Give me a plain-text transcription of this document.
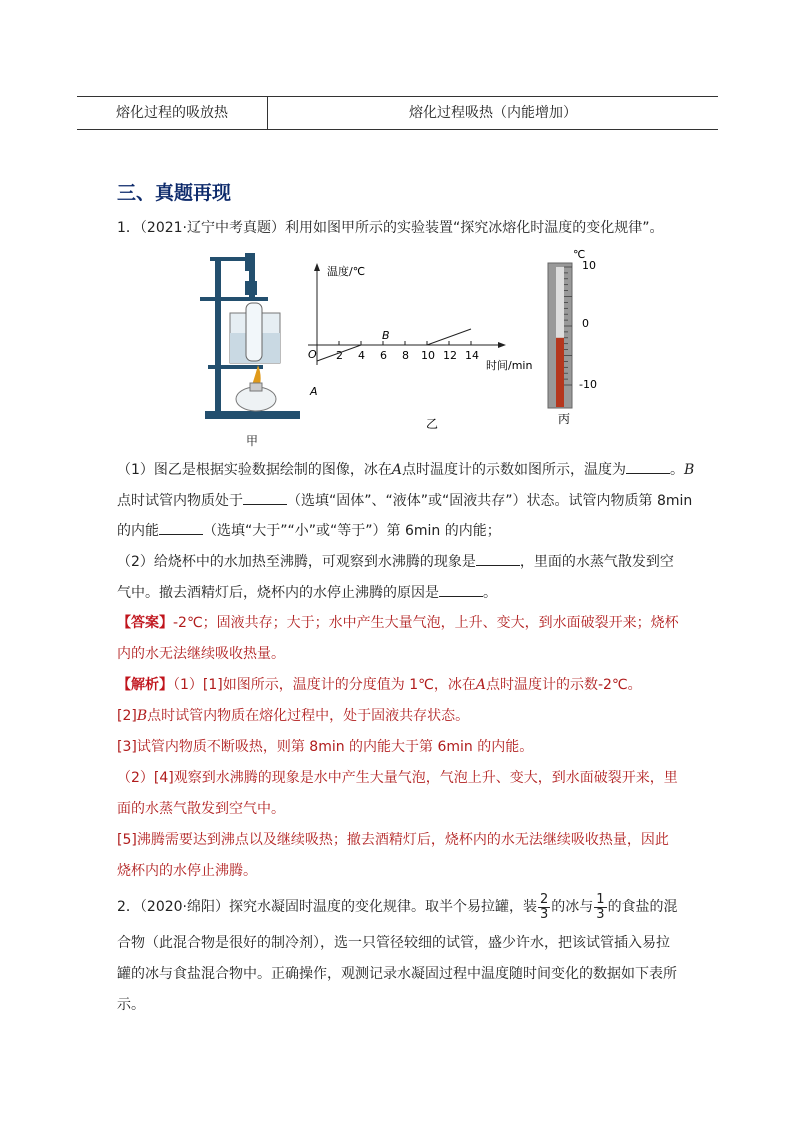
熔化过程的吸放热	熔化过程吸热（内能增加）
三、真题再现
1．（2021·辽宁中考真题）利用如图甲所示的实验装置“探究冰熔化时温度的变化规律”。
甲
温度/℃
时间/min
O 2 4 6 8 10 12 14
A
B
乙
℃
10
0
-10
丙
（1）图乙是根据实验数据绘制的图像，冰在A点时温度计的示数如图所示，温度为	。B
点时试管内物质处于	（选填“固体”、“液体”或“固液共存”）状态。试管内物质第 8min
的内能	（选填“大于”“小”或“等于”）第 6min 的内能；
（2）给烧杯中的水加热至沸腾，可观察到水沸腾的现象是	，里面的水蒸气散发到空
气中。撤去酒精灯后，烧杯内的水停止沸腾的原因是	。
【答案】-2℃；固液共存；大于；水中产生大量气泡，上升、变大，到水面破裂开来；烧杯
内的水无法继续吸收热量。
【解析】（1）[1]如图所示，温度计的分度值为 1℃，冰在A点时温度计的示数-2℃。
[2]B点时试管内物质在熔化过程中，处于固液共存状态。
[3]试管内物质不断吸热，则第 8min 的内能大于第 6min 的内能。
（2）[4]观察到水沸腾的现象是水中产生大量气泡，气泡上升、变大，到水面破裂开来，里
面的水蒸气散发到空气中。
[5]沸腾需要达到沸点以及继续吸热；撤去酒精灯后，烧杯内的水无法继续吸收热量，因此
烧杯内的水停止沸腾。
2．（2020·绵阳）探究水凝固时温度的变化规律。取半个易拉罐，装 $\frac{2}{3}$ 的冰与 $\frac{1}{3}$ 的食盐的混
合物（此混合物是很好的制冷剂），选一只管径较细的试管，盛少许水，把该试管插入易拉
罐的冰与食盐混合物中。正确操作，观测记录水凝固过程中温度随时间变化的数据如下表所
示。
